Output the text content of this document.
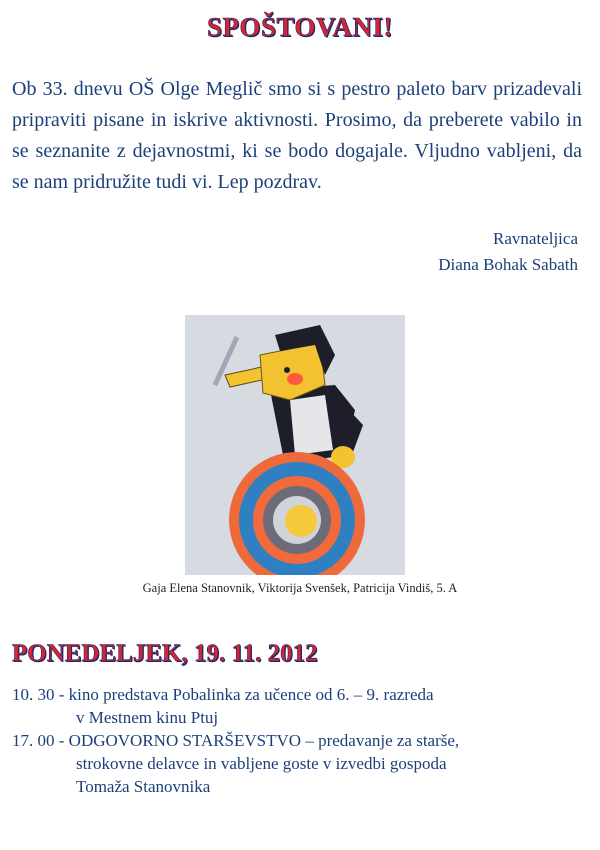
SPOŠTOVANI!
Ob 33. dnevu OŠ Olge Meglič smo si s pestro paleto barv prizadevali pripraviti pisane in iskrive aktivnosti. Prosimo, da preberete vabilo in se seznanite z dejavnostmi, ki se bodo dogajale. Vljudno vabljeni, da se nam pridružite tudi vi. Lep pozdrav.
Ravnateljica
Diana Bohak Sabath
Gaja Elena Stanovnik, Viktorija Svenšek, Patricija Vindiš, 5. A
PONEDELJEK, 19. 11. 2012
10. 30 - kino predstava Pobalinka za učence od 6. – 9. razreda
v Mestnem kinu Ptuj
17. 00 - ODGOVORNO STARŠEVSTVO – predavanje za starše,
strokovne delavce in vabljene goste v izvedbi gospoda
Tomaža Stanovnika
